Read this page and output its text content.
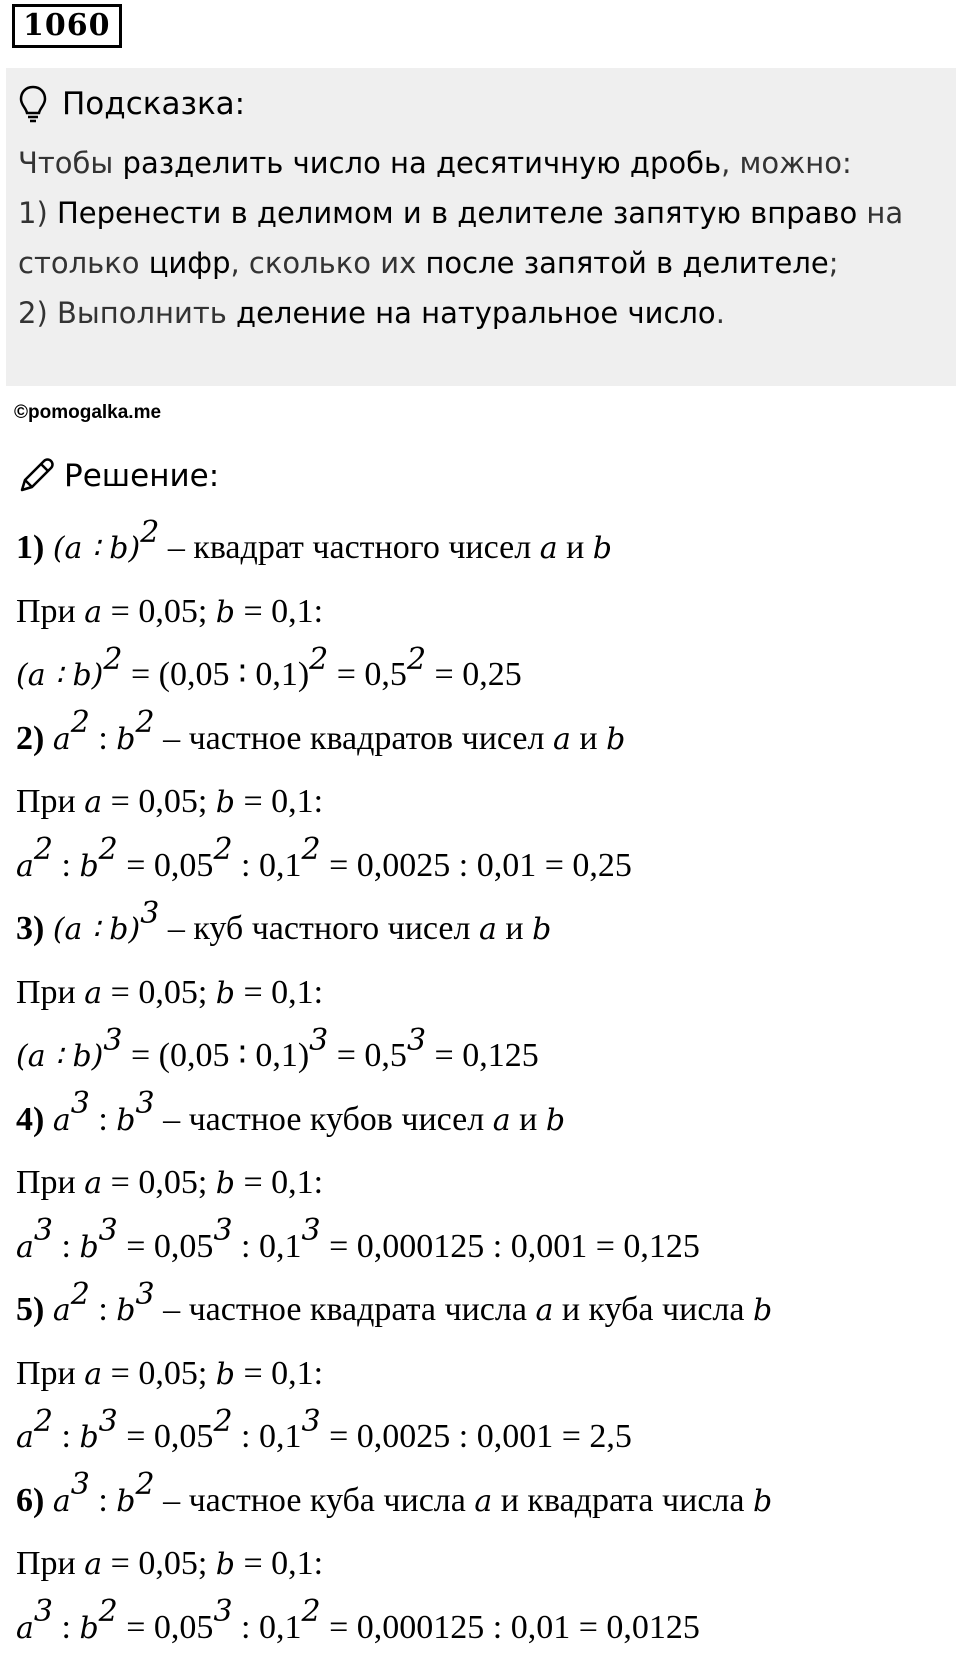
1060
Подсказка:
Чтобы разделить число на десятичную дробь, можно:
1) Перенести в делимом и в делителе запятую вправо на столько цифр, сколько их после запятой в делителе;
2) Выполнить деление на натуральное число.
©pomogalka.me
Решение:
1) (a ∶ b)$^2$ – квадрат частного чисел a и b
При a = 0,05; b = 0,1:
(a ∶ b)$^2$ = (0,05 ∶ $0,1)^2 = 0,5^2 = 0,25$
2) $a^2$ : $b^2$ – частное квадратов чисел a и b
При a = 0,05; b = 0,1:
$a^2$ : $b^2 = 0,05^2$ : $0,1^2 = 0,0025$ : 0,01 = 0,25
3) (a ∶ b)$^3$ – куб частного чисел a и b
При a = 0,05; b = 0,1:
(a ∶ b)$^3$ = (0,05 ∶ $0,1)^3 = 0,5^3 = 0,125$
4) $a^3$ : $b^3$ – частное кубов чисел a и b
При a = 0,05; b = 0,1:
$a^3$ : $b^3 = 0,05^3$ : $0,1^3 = 0,000125$ : 0,001 = 0,125
5) $a^2$ : $b^3$ – частное квадрата числа a и куба числа b
При a = 0,05; b = 0,1:
$a^2$ : $b^3 = 0,05^2$ : $0,1^3 = 0,0025$ : 0,001 = 2,5
6) $a^3$ : $b^2$ – частное куба числа a и квадрата числа b
При a = 0,05; b = 0,1:
$a^3$ : $b^2 = 0,05^3$ : $0,1^2 = 0,000125$ : 0,01 = 0,0125
